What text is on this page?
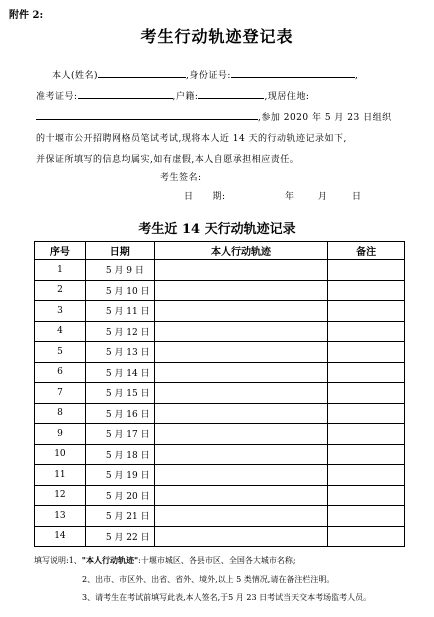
附件 2:
考生行动轨迹登记表
本人(姓名)	,身份证号:	,
准考证号:	,户籍:	,现居住地:
,参加 2020 年 5 月 23 日组织
的十堰市公开招聘网格员笔试考试,现将本人近 14 天的行动轨迹记录如下,
并保证所填写的信息均属实,如有虚假,本人自愿承担相应责任。
考生签名:
日　　期:	年	月	日
考生近 14 天行动轨迹记录
序号	日期	本人行动轨迹	备注
1	5 月 9 日		
2	5 月 10 日		
3	5 月 11 日		
4	5 月 12 日		
5	5 月 13 日		
6	5 月 14 日		
7	5 月 15 日		
8	5 月 16 日		
9	5 月 17 日		
10	5 月 18 日		
11	5 月 19 日		
12	5 月 20 日		
13	5 月 21 日		
14	5 月 22 日		
填写说明:1、"本人行动轨迹":十堰市城区、各县市区、全国各大城市名称;
2、出市、市区外、出省、省外、境外,以上 5 类情况,请在备注栏注明。
3、请考生在考试前填写此表,本人签名,于5 月 23 日考试当天交本考场监考人员。
